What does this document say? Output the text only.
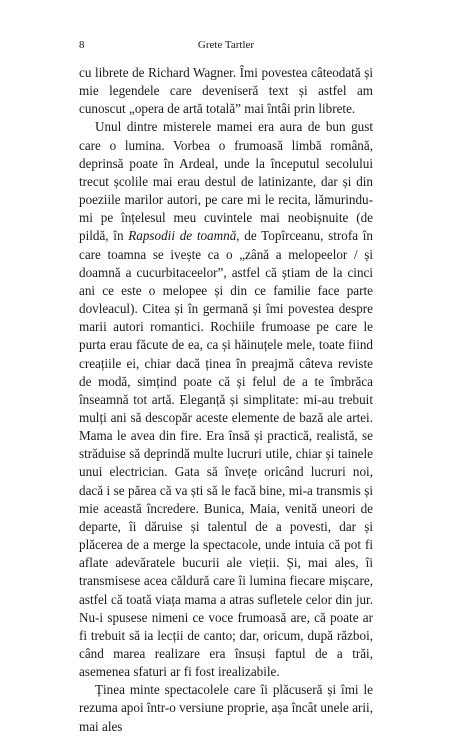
8	Grete Tartler

cu librete de Richard Wagner. Îmi povestea câteodată și mie legendele care deveniseră text și astfel am cunoscut „opera de artă totală” mai întâi prin librete.

Unul dintre misterele mamei era aura de bun gust care o lumina. Vorbea o frumoasă limbă română, deprinsă poate în Ardeal, unde la începutul secolului trecut școlile mai erau destul de latinizante, dar și din poeziile marilor autori, pe care mi le recita, lămurindu-mi pe înțelesul meu cuvintele mai neobișnuite (de pildă, în Rapsodii de toamnă, de Topîrceanu, strofa în care toamna se ivește ca o „zână a melopeelor / și doamnă a cucurbitaceelor”, astfel că știam de la cinci ani ce este o melopee și din ce familie face parte dovleacul). Citea și în germană și îmi povestea despre marii autori romantici. Rochiile frumoase pe care le purta erau făcute de ea, ca și hăinuțele mele, toate fiind creațiile ei, chiar dacă ținea în preajmă câteva reviste de modă, simțind poate că și felul de a te îmbrăca înseamnă tot artă. Eleganță și simplitate: mi-au trebuit mulți ani să descopăr aceste elemente de bază ale artei. Mama le avea din fire. Era însă și practică, realistă, se străduise să deprindă multe lucruri utile, chiar și tainele unui electrician. Gata să învețe oricând lucruri noi, dacă i se părea că va ști să le facă bine, mi-a transmis și mie această încredere. Bunica, Maia, venită uneori de departe, îi dăruise și talentul de a povesti, dar și plăcerea de a merge la spectacole, unde intuia că pot fi aflate adevăratele bucurii ale vieții. Și, mai ales, îi transmisese acea căldură care îi lumina fiecare mișcare, astfel că toată viața mama a atras sufletele celor din jur. Nu-i spusese nimeni ce voce frumoasă are, că poate ar fi trebuit să ia lecții de canto; dar, oricum, după război, când marea realizare era însuși faptul de a trăi, asemenea sfaturi ar fi fost irealizabile.

Ținea minte spectacolele care îi plăcuseră și îmi le rezuma apoi într-o versiune proprie, așa încât unele arii, mai ales
